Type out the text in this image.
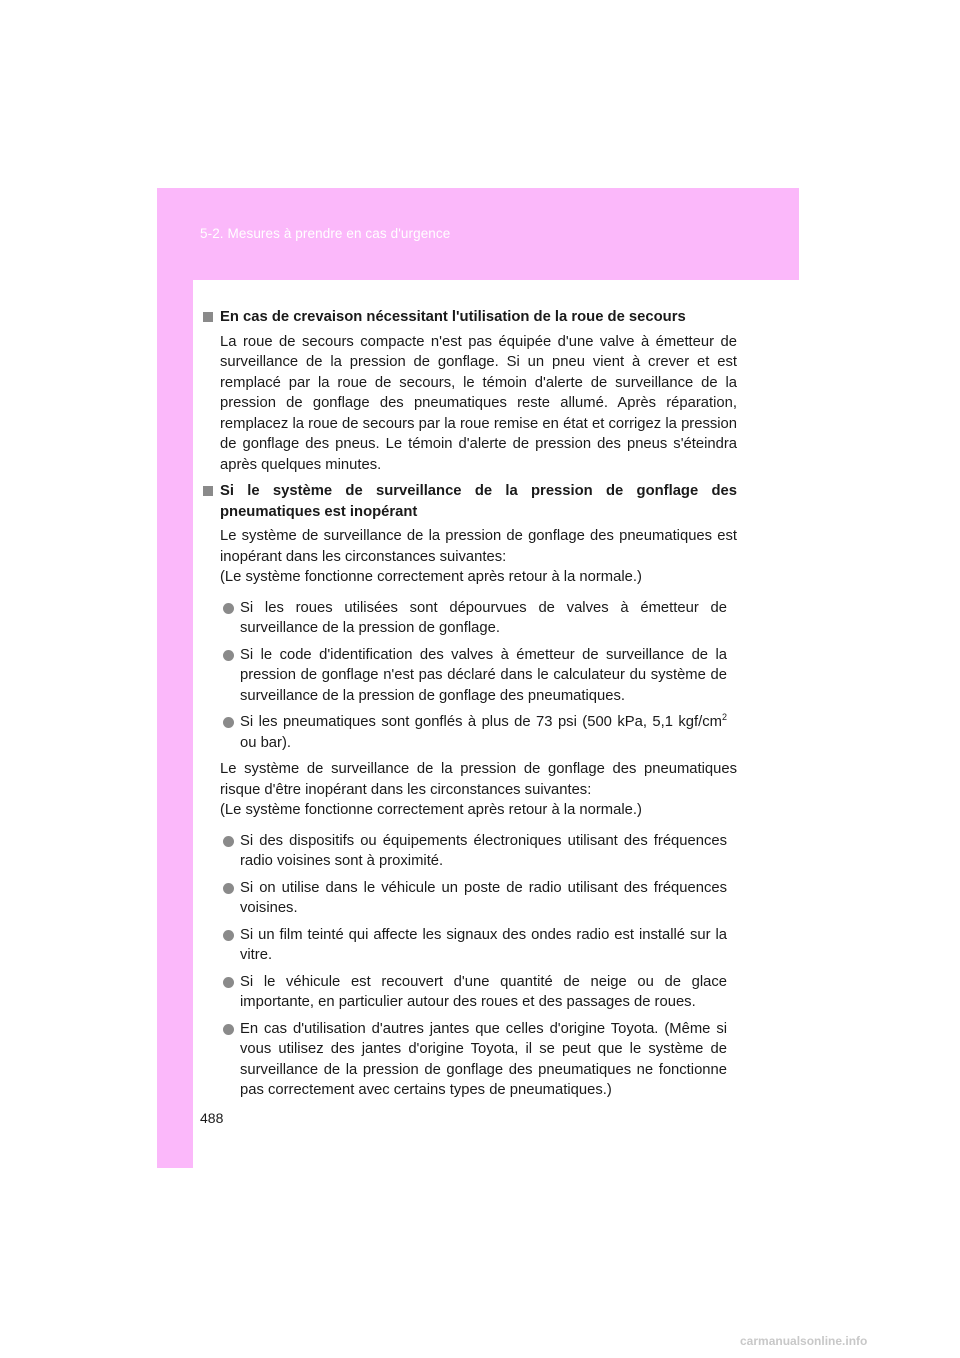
5-2. Mesures à prendre en cas d'urgence
En cas de crevaison nécessitant l'utilisation de la roue de secours
La roue de secours compacte n'est pas équipée d'une valve à émetteur de surveillance de la pression de gonflage. Si un pneu vient à crever et est remplacé par la roue de secours, le témoin d'alerte de surveillance de la pression de gonflage des pneumatiques reste allumé. Après réparation, remplacez la roue de secours par la roue remise en état et corrigez la pression de gonflage des pneus. Le témoin d'alerte de pression des pneus s'éteindra après quelques minutes.
Si le système de surveillance de la pression de gonflage des pneumatiques est inopérant
Le système de surveillance de la pression de gonflage des pneumatiques est inopérant dans les circonstances suivantes:
(Le système fonctionne correctement après retour à la normale.)
Si les roues utilisées sont dépourvues de valves à émetteur de surveillance de la pression de gonflage.
Si le code d'identification des valves à émetteur de surveillance de la pression de gonflage n'est pas déclaré dans le calculateur du système de surveillance de la pression de gonflage des pneumatiques.
Si les pneumatiques sont gonflés à plus de 73 psi (500 kPa, 5,1 kgf/$cm^2$ ou bar).
Le système de surveillance de la pression de gonflage des pneumatiques risque d'être inopérant dans les circonstances suivantes:
(Le système fonctionne correctement après retour à la normale.)
Si des dispositifs ou équipements électroniques utilisant des fréquences radio voisines sont à proximité.
Si on utilise dans le véhicule un poste de radio utilisant des fréquences voisines.
Si un film teinté qui affecte les signaux des ondes radio est installé sur la vitre.
Si le véhicule est recouvert d'une quantité de neige ou de glace importante, en particulier autour des roues et des passages de roues.
En cas d'utilisation d'autres jantes que celles d'origine Toyota. (Même si vous utilisez des jantes d'origine Toyota, il se peut que le système de surveillance de la pression de gonflage des pneumatiques ne fonctionne pas correctement avec certains types de pneumatiques.)
488
carmanualsonline.info
